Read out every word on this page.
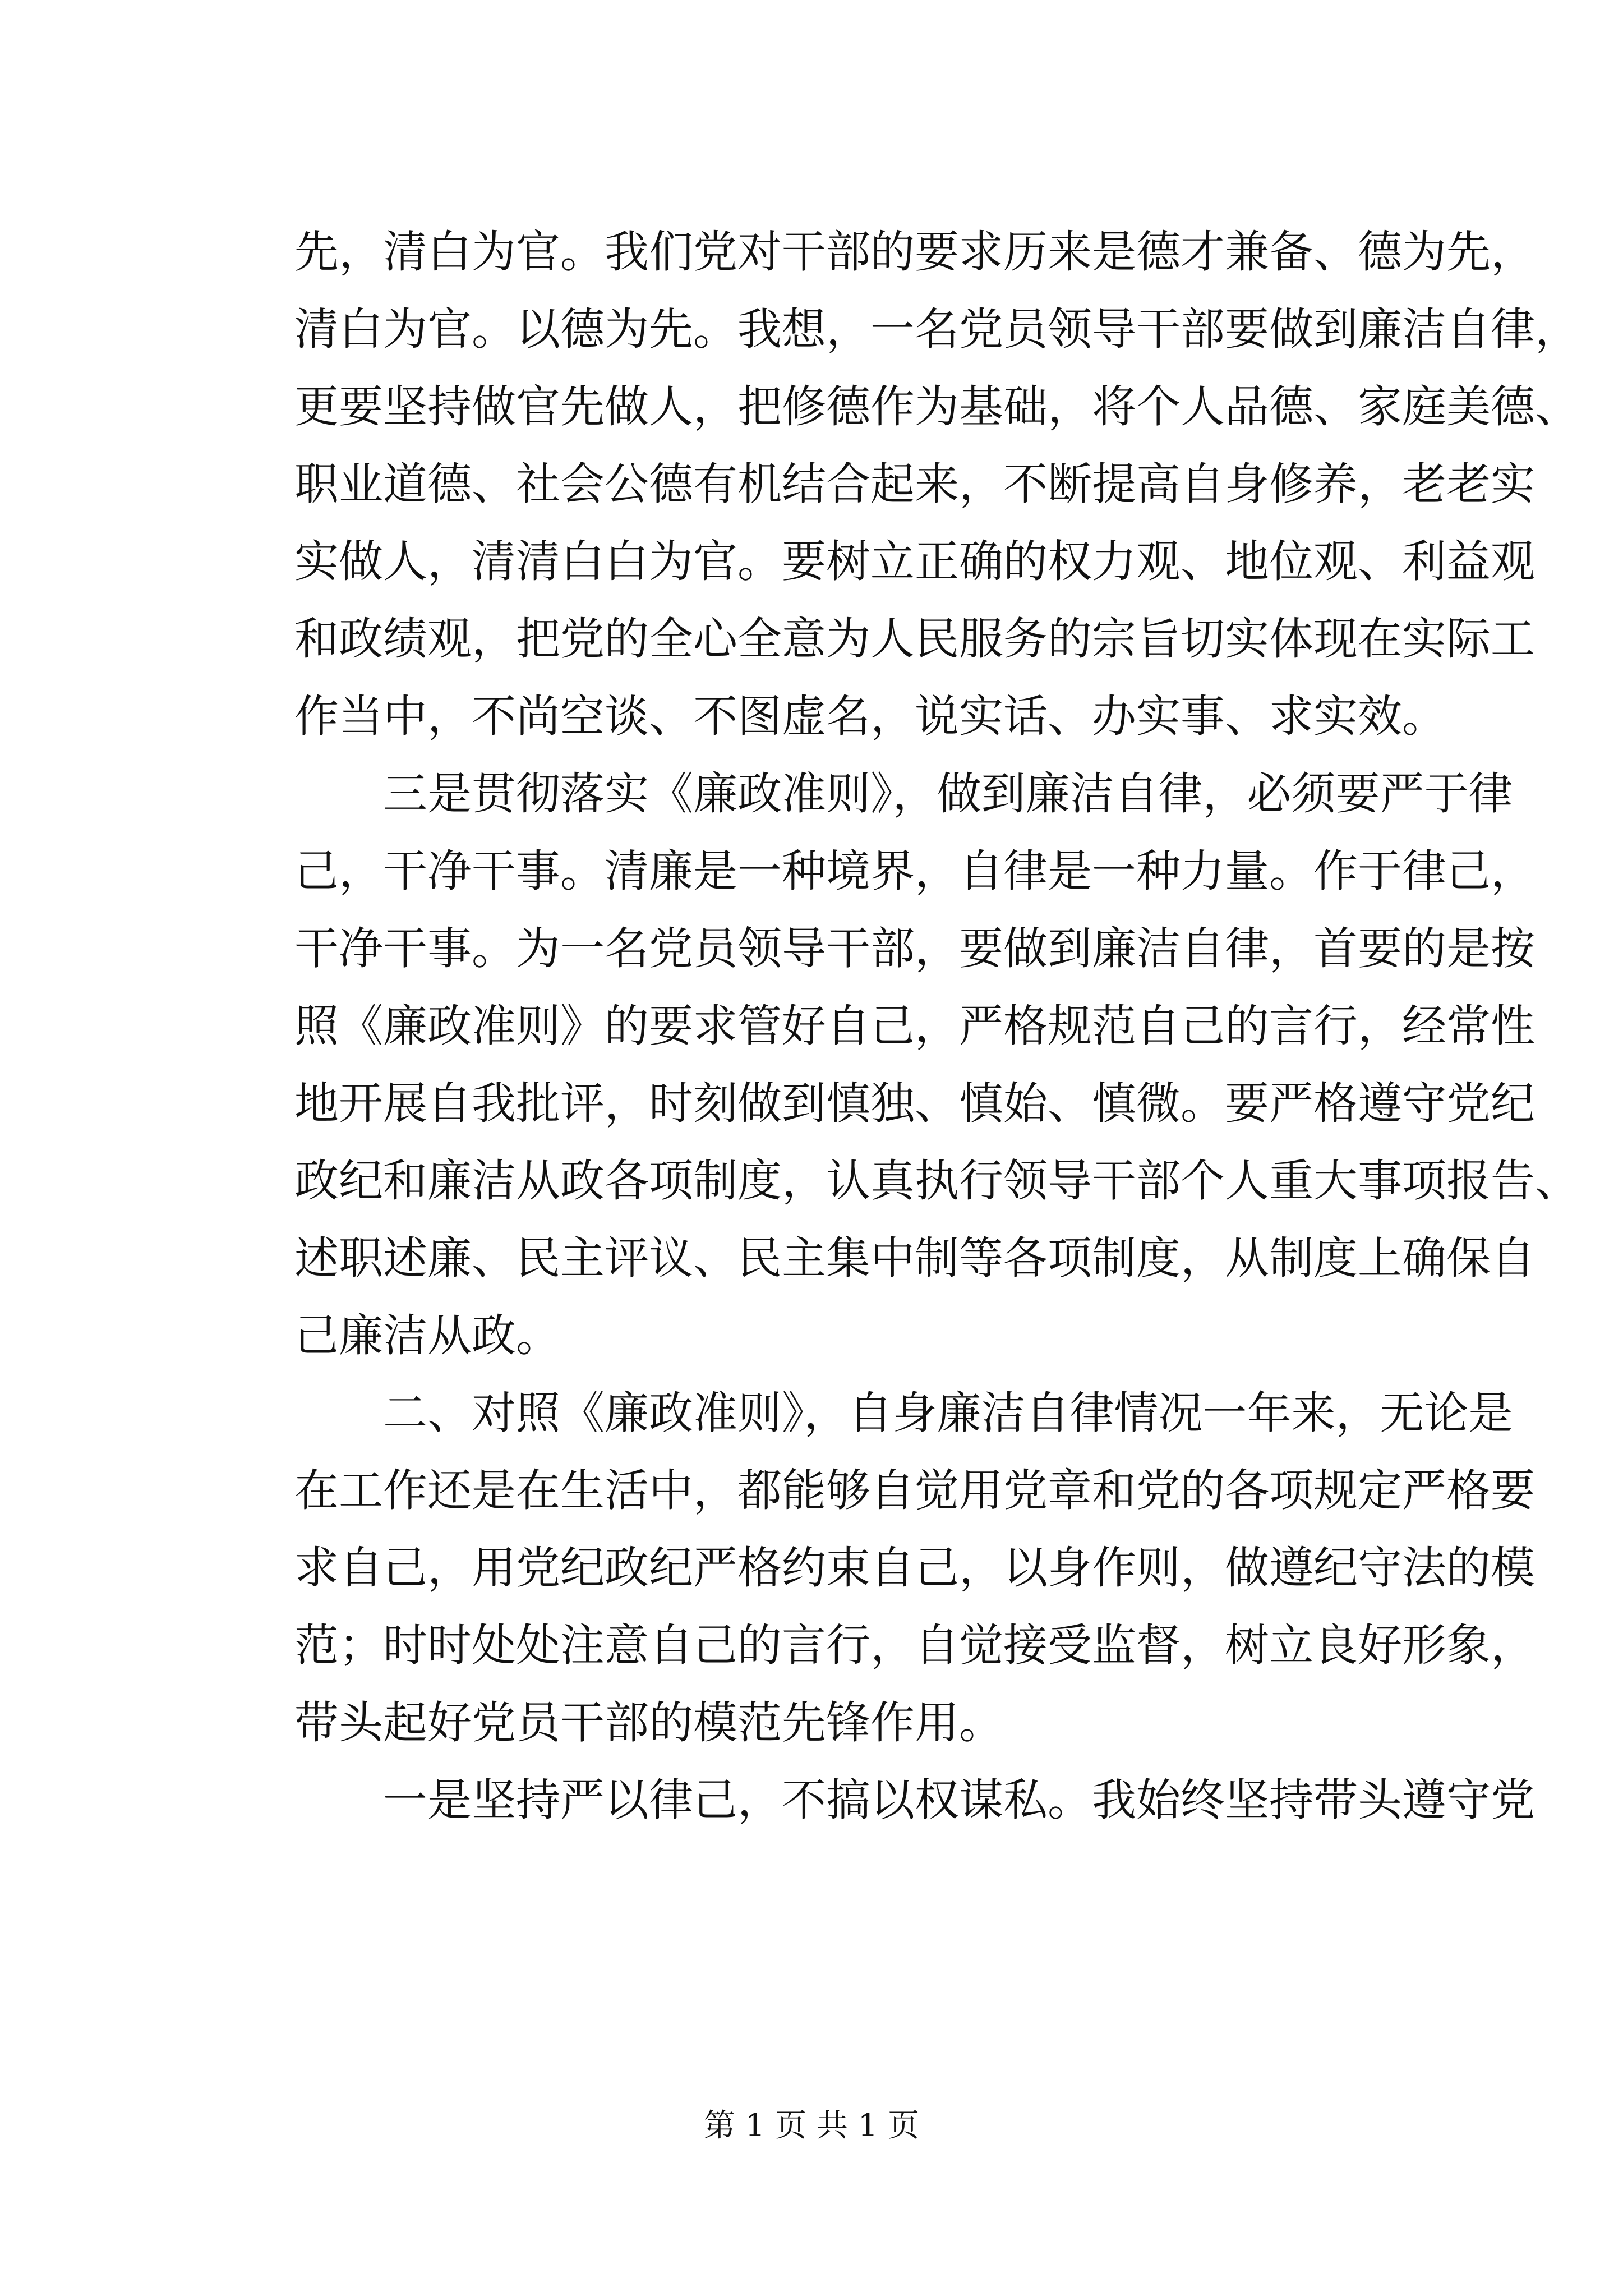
先，清白为官。我们党对干部的要求历来是德才兼备、德为先，
清白为官。以德为先。我想，一名党员领导干部要做到廉洁自律，
更要坚持做官先做人，把修德作为基础，将个人品德、家庭美德、
职业道德、社会公德有机结合起来，不断提高自身修养，老老实
实做人，清清白白为官。要树立正确的权力观、地位观、利益观
和政绩观，把党的全心全意为人民服务的宗旨切实体现在实际工
作当中，不尚空谈、不图虚名，说实话、办实事、求实效。
三是贯彻落实《廉政准则》，做到廉洁自律，必须要严于律
己，干净干事。清廉是一种境界，自律是一种力量。作于律己，
干净干事。为一名党员领导干部，要做到廉洁自律，首要的是按
照《廉政准则》的要求管好自己，严格规范自己的言行，经常性
地开展自我批评，时刻做到慎独、慎始、慎微。要严格遵守党纪
政纪和廉洁从政各项制度，认真执行领导干部个人重大事项报告、
述职述廉、民主评议、民主集中制等各项制度，从制度上确保自
己廉洁从政。
二、对照《廉政准则》，自身廉洁自律情况一年来，无论是
在工作还是在生活中，都能够自觉用党章和党的各项规定严格要
求自己，用党纪政纪严格约束自己，以身作则，做遵纪守法的模
范；时时处处注意自己的言行，自觉接受监督，树立良好形象，
带头起好党员干部的模范先锋作用。
一是坚持严以律己，不搞以权谋私。我始终坚持带头遵守党
第 1 页 共 1 页
